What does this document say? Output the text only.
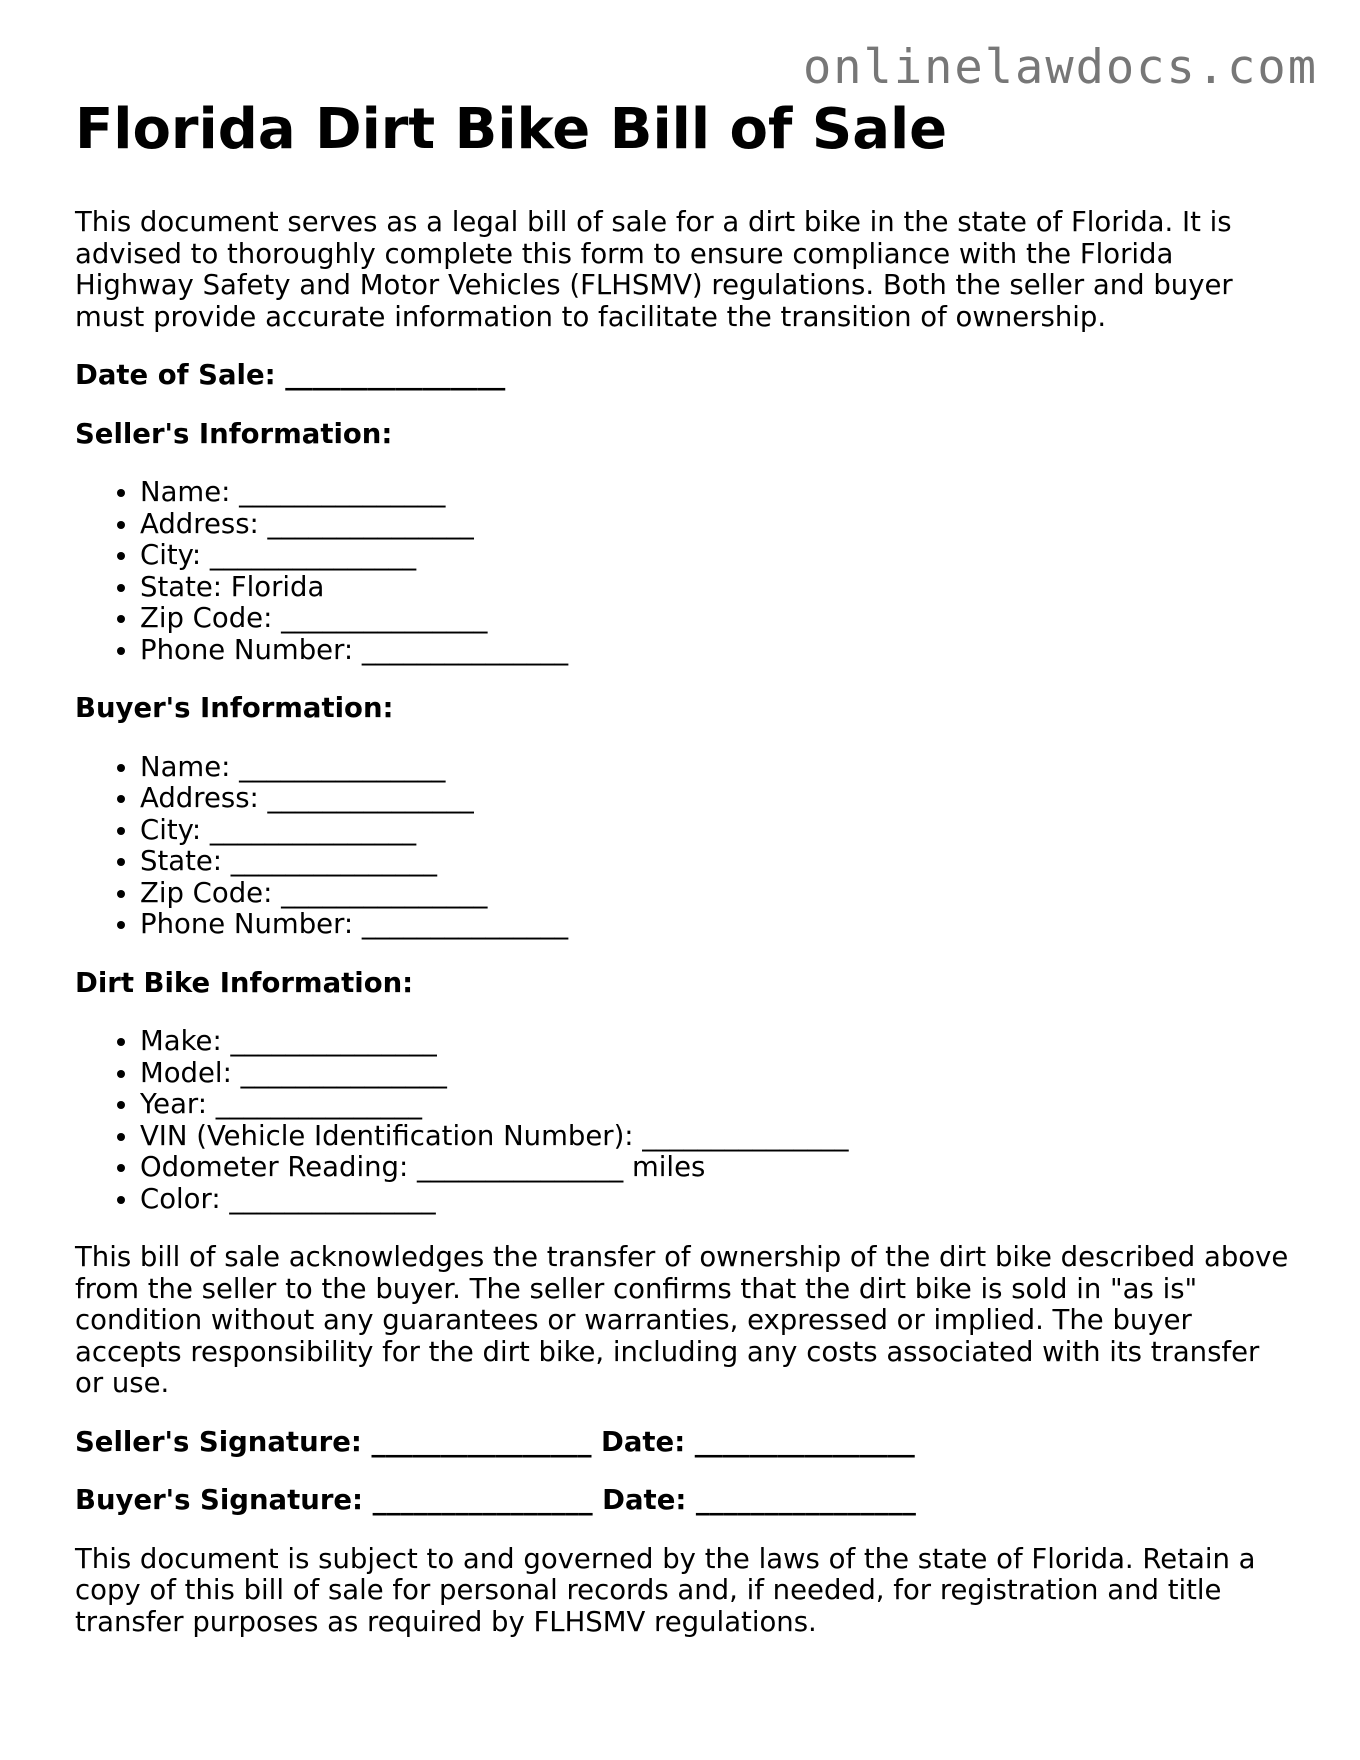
onlinelawdocs.com
Florida Dirt Bike Bill of Sale

This document serves as a legal bill of sale for a dirt bike in the state of Florida. It is advised to thoroughly complete this form to ensure compliance with the Florida Highway Safety and Motor Vehicles (FLHSMV) regulations. Both the seller and buyer must provide accurate information to facilitate the transition of ownership.

Date of Sale: ________________
Seller's Information:
• Name: _______________
• Address: _______________
• City: _______________
• State: Florida
• Zip Code: _______________
• Phone Number: _______________
Buyer's Information:
• Name: _______________
• Address: _______________
• City: _______________
• State: _______________
• Zip Code: _______________
• Phone Number: _______________
Dirt Bike Information:
• Make: _______________
• Model: _______________
• Year: _______________
• VIN (Vehicle Identification Number): _______________
• Odometer Reading: _______________ miles
• Color: _______________

This bill of sale acknowledges the transfer of ownership of the dirt bike described above from the seller to the buyer. The seller confirms that the dirt bike is sold in "as is" condition without any guarantees or warranties, expressed or implied. The buyer accepts responsibility for the dirt bike, including any costs associated with its transfer or use.

Seller's Signature: ________________ Date: ________________
Buyer's Signature: ________________ Date: ________________

This document is subject to and governed by the laws of the state of Florida. Retain a copy of this bill of sale for personal records and, if needed, for registration and title transfer purposes as required by FLHSMV regulations.
